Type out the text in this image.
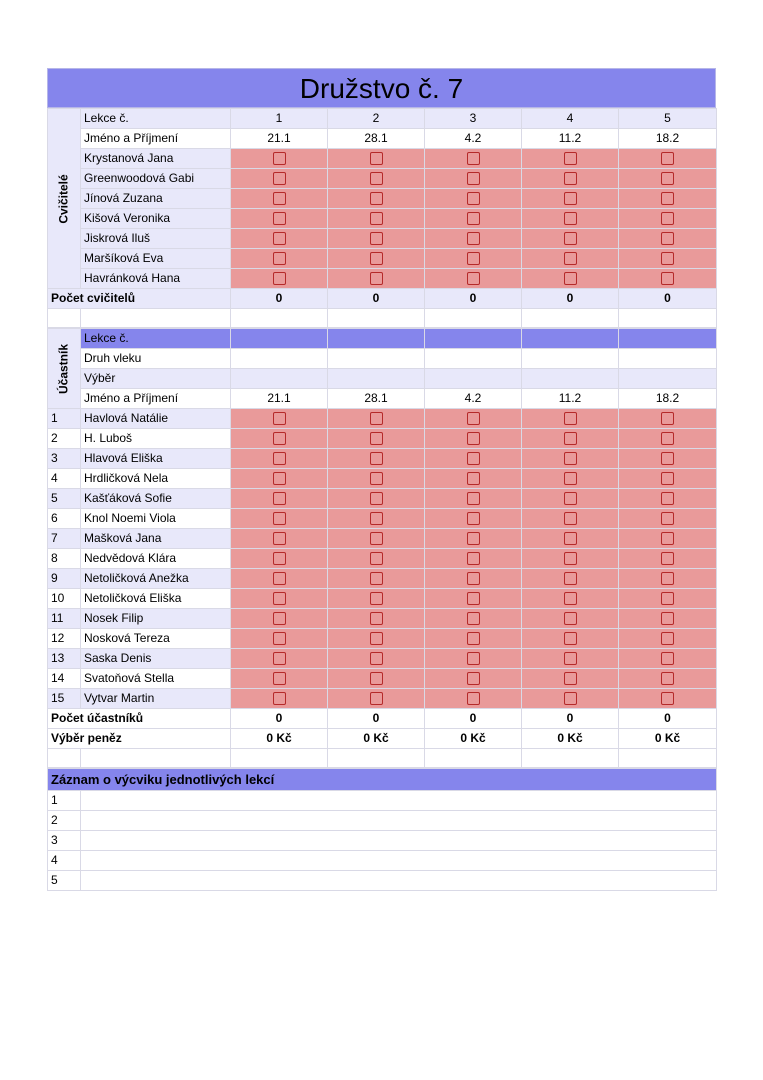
Družstvo č. 7
Cvičitelé	Lekce č.	1	2	3	4	5
	Jméno a Příjmení	21.1	28.1	4.2	11.2	18.2
	Krystanová Jana					
	Greenwoodová Gabi					
	Jínová Zuzana					
	Kišová Veronika					
	Jiskrová Iluš					
	Maršíková Eva					
	Havránková Hana					
Počet cvičitelů		0	0	0	0	0

Účastník	Lekce č.					
	Druh vleku					
	Výběr					
	Jméno a Příjmení	21.1	28.1	4.2	11.2	18.2
1	Havlová Natálie					
2	H. Luboš					
3	Hlavová Eliška					
4	Hrdličková Nela					
5	Kašťáková Sofie					
6	Knol Noemi Viola					
7	Mašková Jana					
8	Nedvědová Klára					
9	Netoličková Anežka					
10	Netoličková Eliška					
11	Nosek Filip					
12	Nosková Tereza					
13	Saska Denis					
14	Svatoňová Stella					
15	Vytvar Martin					
Počet účastníků		0	0	0	0	0
Výběr peněz		0 Kč	0 Kč	0 Kč	0 Kč	0 Kč

Záznam o výcviku jednotlivých lekcí	
1	
2	
3	
4	
5	
